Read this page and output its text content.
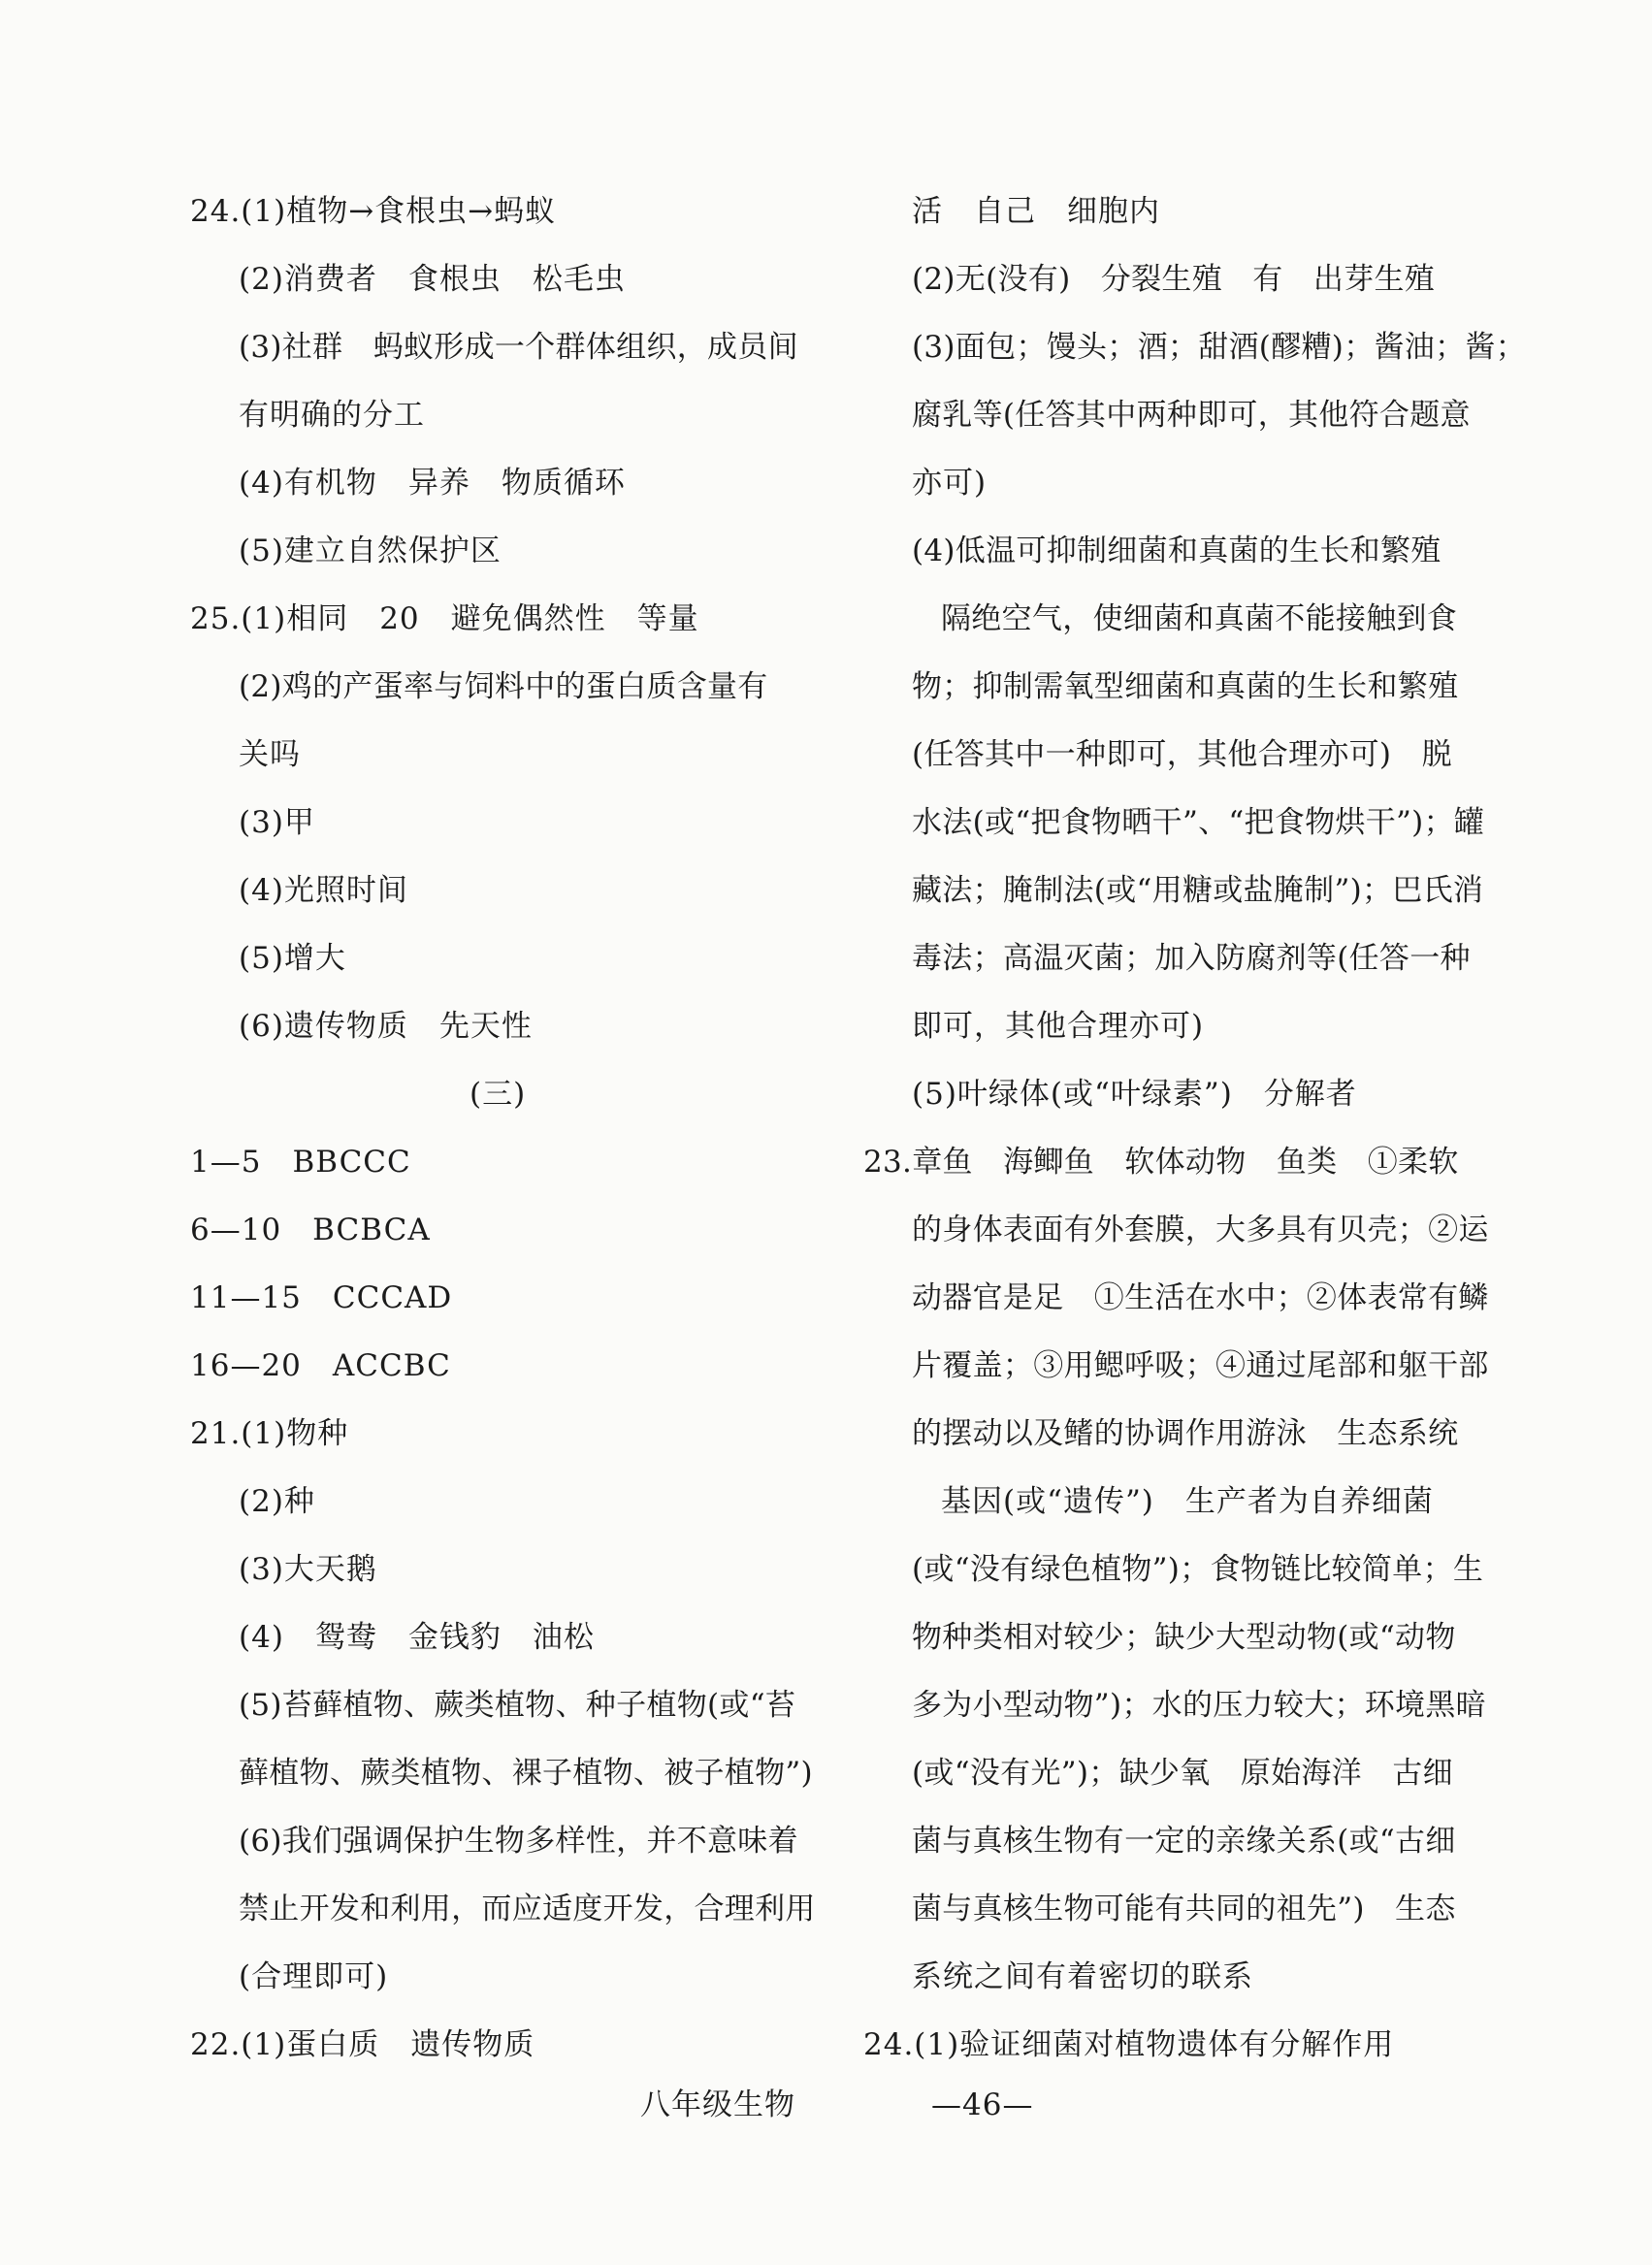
24.(1)植物→食根虫→蚂蚁
(2)消费者　食根虫　松毛虫
(3)社群　蚂蚁形成一个群体组织，成员间
有明确的分工
(4)有机物　异养　物质循环
(5)建立自然保护区
25.(1)相同　20　避免偶然性　等量
(2)鸡的产蛋率与饲料中的蛋白质含量有
关吗
(3)甲
(4)光照时间
(5)增大
(6)遗传物质　先天性
(三)
1—5　BBCCC
6—10　BCBCA
11—15　CCCAD
16—20　ACCBC
21.(1)物种
(2)种
(3)大天鹅
(4)　鸳鸯　金钱豹　油松
(5)苔藓植物、蕨类植物、种子植物(或“苔
藓植物、蕨类植物、裸子植物、被子植物”)
(6)我们强调保护生物多样性，并不意味着
禁止开发和利用，而应适度开发，合理利用
(合理即可)
22.(1)蛋白质　遗传物质
活　自己　细胞内
(2)无(没有)　分裂生殖　有　出芽生殖
(3)面包；馒头；酒；甜酒(醪糟)；酱油；酱；
腐乳等(任答其中两种即可，其他符合题意
亦可)
(4)低温可抑制细菌和真菌的生长和繁殖
隔绝空气，使细菌和真菌不能接触到食
物；抑制需氧型细菌和真菌的生长和繁殖
(任答其中一种即可，其他合理亦可)　脱
水法(或“把食物晒干”、“把食物烘干”)；罐
藏法；腌制法(或“用糖或盐腌制”)；巴氏消
毒法；高温灭菌；加入防腐剂等(任答一种
即可，其他合理亦可)
(5)叶绿体(或“叶绿素”)　分解者
23.章鱼　海鲫鱼　软体动物　鱼类　①柔软
的身体表面有外套膜，大多具有贝壳；②运
动器官是足　①生活在水中；②体表常有鳞
片覆盖；③用鳃呼吸；④通过尾部和躯干部
的摆动以及鳍的协调作用游泳　生态系统
基因(或“遗传”)　生产者为自养细菌
(或“没有绿色植物”)；食物链比较简单；生
物种类相对较少；缺少大型动物(或“动物
多为小型动物”)；水的压力较大；环境黑暗
(或“没有光”)；缺少氧　原始海洋　古细
菌与真核生物有一定的亲缘关系(或“古细
菌与真核生物可能有共同的祖先”)　生态
系统之间有着密切的联系
24.(1)验证细菌对植物遗体有分解作用
八年级生物	—46—
